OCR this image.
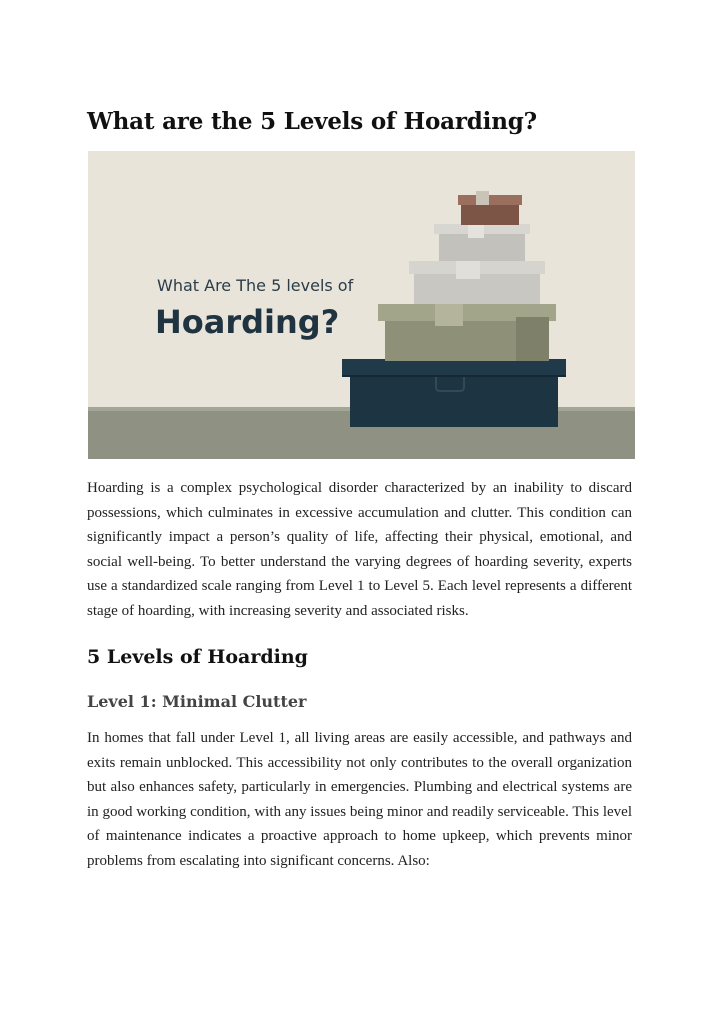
What are the 5 Levels of Hoarding?
What Are The 5 levels of
Hoarding?

Hoarding is a complex psychological disorder characterized by an inability to discard possessions, which culminates in excessive accumulation and clutter. This condition can significantly impact a person’s quality of life, affecting their physical, emotional, and social well-being. To better understand the varying degrees of hoarding severity, experts use a standardized scale ranging from Level 1 to Level 5. Each level represents a different stage of hoarding, with increasing severity and associated risks.

5 Levels of Hoarding
Level 1: Minimal Clutter

In homes that fall under Level 1, all living areas are easily accessible, and pathways and exits remain unblocked. This accessibility not only contributes to the overall organization but also enhances safety, particularly in emergencies. Plumbing and electrical systems are in good working condition, with any issues being minor and readily serviceable. This level of maintenance indicates a proactive approach to home upkeep, which prevents minor problems from escalating into significant concerns. Also:
